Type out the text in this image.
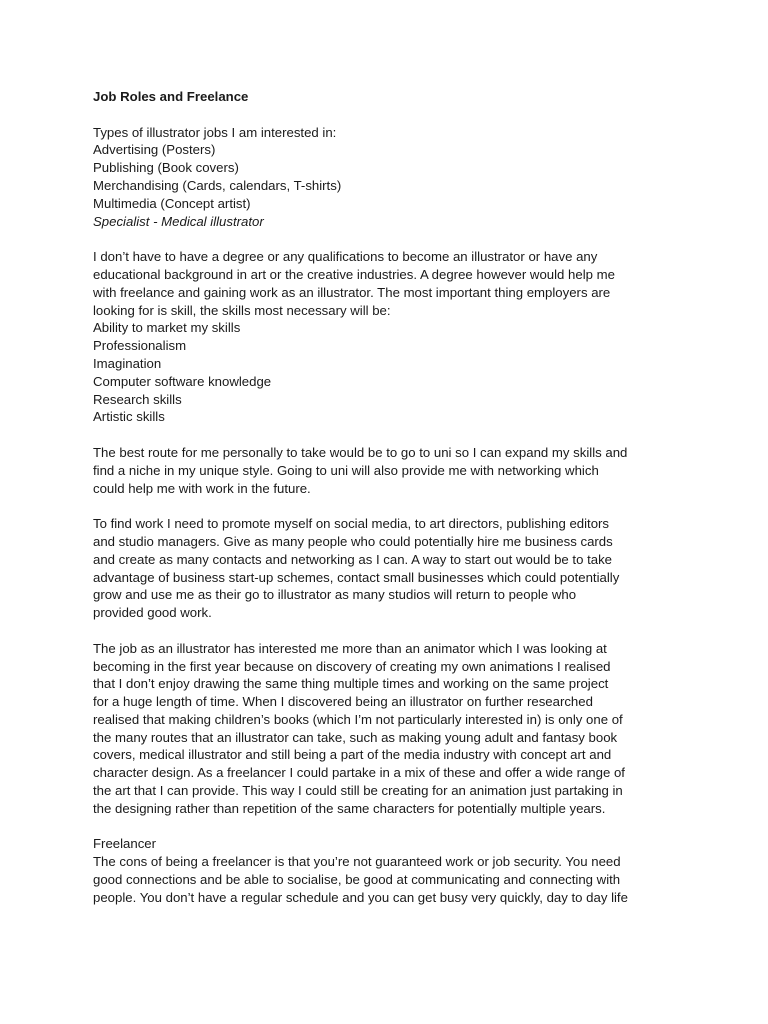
Job Roles and Freelance
Types of illustrator jobs I am interested in:
Advertising (Posters)
Publishing (Book covers)
Merchandising (Cards, calendars, T-shirts)
Multimedia (Concept artist)
Specialist - Medical illustrator
I don’t have to have a degree or any qualifications to become an illustrator or have any
educational background in art or the creative industries. A degree however would help me
with freelance and gaining work as an illustrator. The most important thing employers are
looking for is skill, the skills most necessary will be:
Ability to market my skills
Professionalism
Imagination
Computer software knowledge
Research skills
Artistic skills
The best route for me personally to take would be to go to uni so I can expand my skills and
find a niche in my unique style. Going to uni will also provide me with networking which
could help me with work in the future.
To find work I need to promote myself on social media, to art directors, publishing editors
and studio managers. Give as many people who could potentially hire me business cards
and create as many contacts and networking as I can. A way to start out would be to take
advantage of business start-up schemes, contact small businesses which could potentially
grow and use me as their go to illustrator as many studios will return to people who
provided good work.
The job as an illustrator has interested me more than an animator which I was looking at
becoming in the first year because on discovery of creating my own animations I realised
that I don’t enjoy drawing the same thing multiple times and working on the same project
for a huge length of time. When I discovered being an illustrator on further researched
realised that making children’s books (which I’m not particularly interested in) is only one of
the many routes that an illustrator can take, such as making young adult and fantasy book
covers, medical illustrator and still being a part of the media industry with concept art and
character design. As a freelancer I could partake in a mix of these and offer a wide range of
the art that I can provide. This way I could still be creating for an animation just partaking in
the designing rather than repetition of the same characters for potentially multiple years.
Freelancer
The cons of being a freelancer is that you’re not guaranteed work or job security. You need
good connections and be able to socialise, be good at communicating and connecting with
people. You don’t have a regular schedule and you can get busy very quickly, day to day life
